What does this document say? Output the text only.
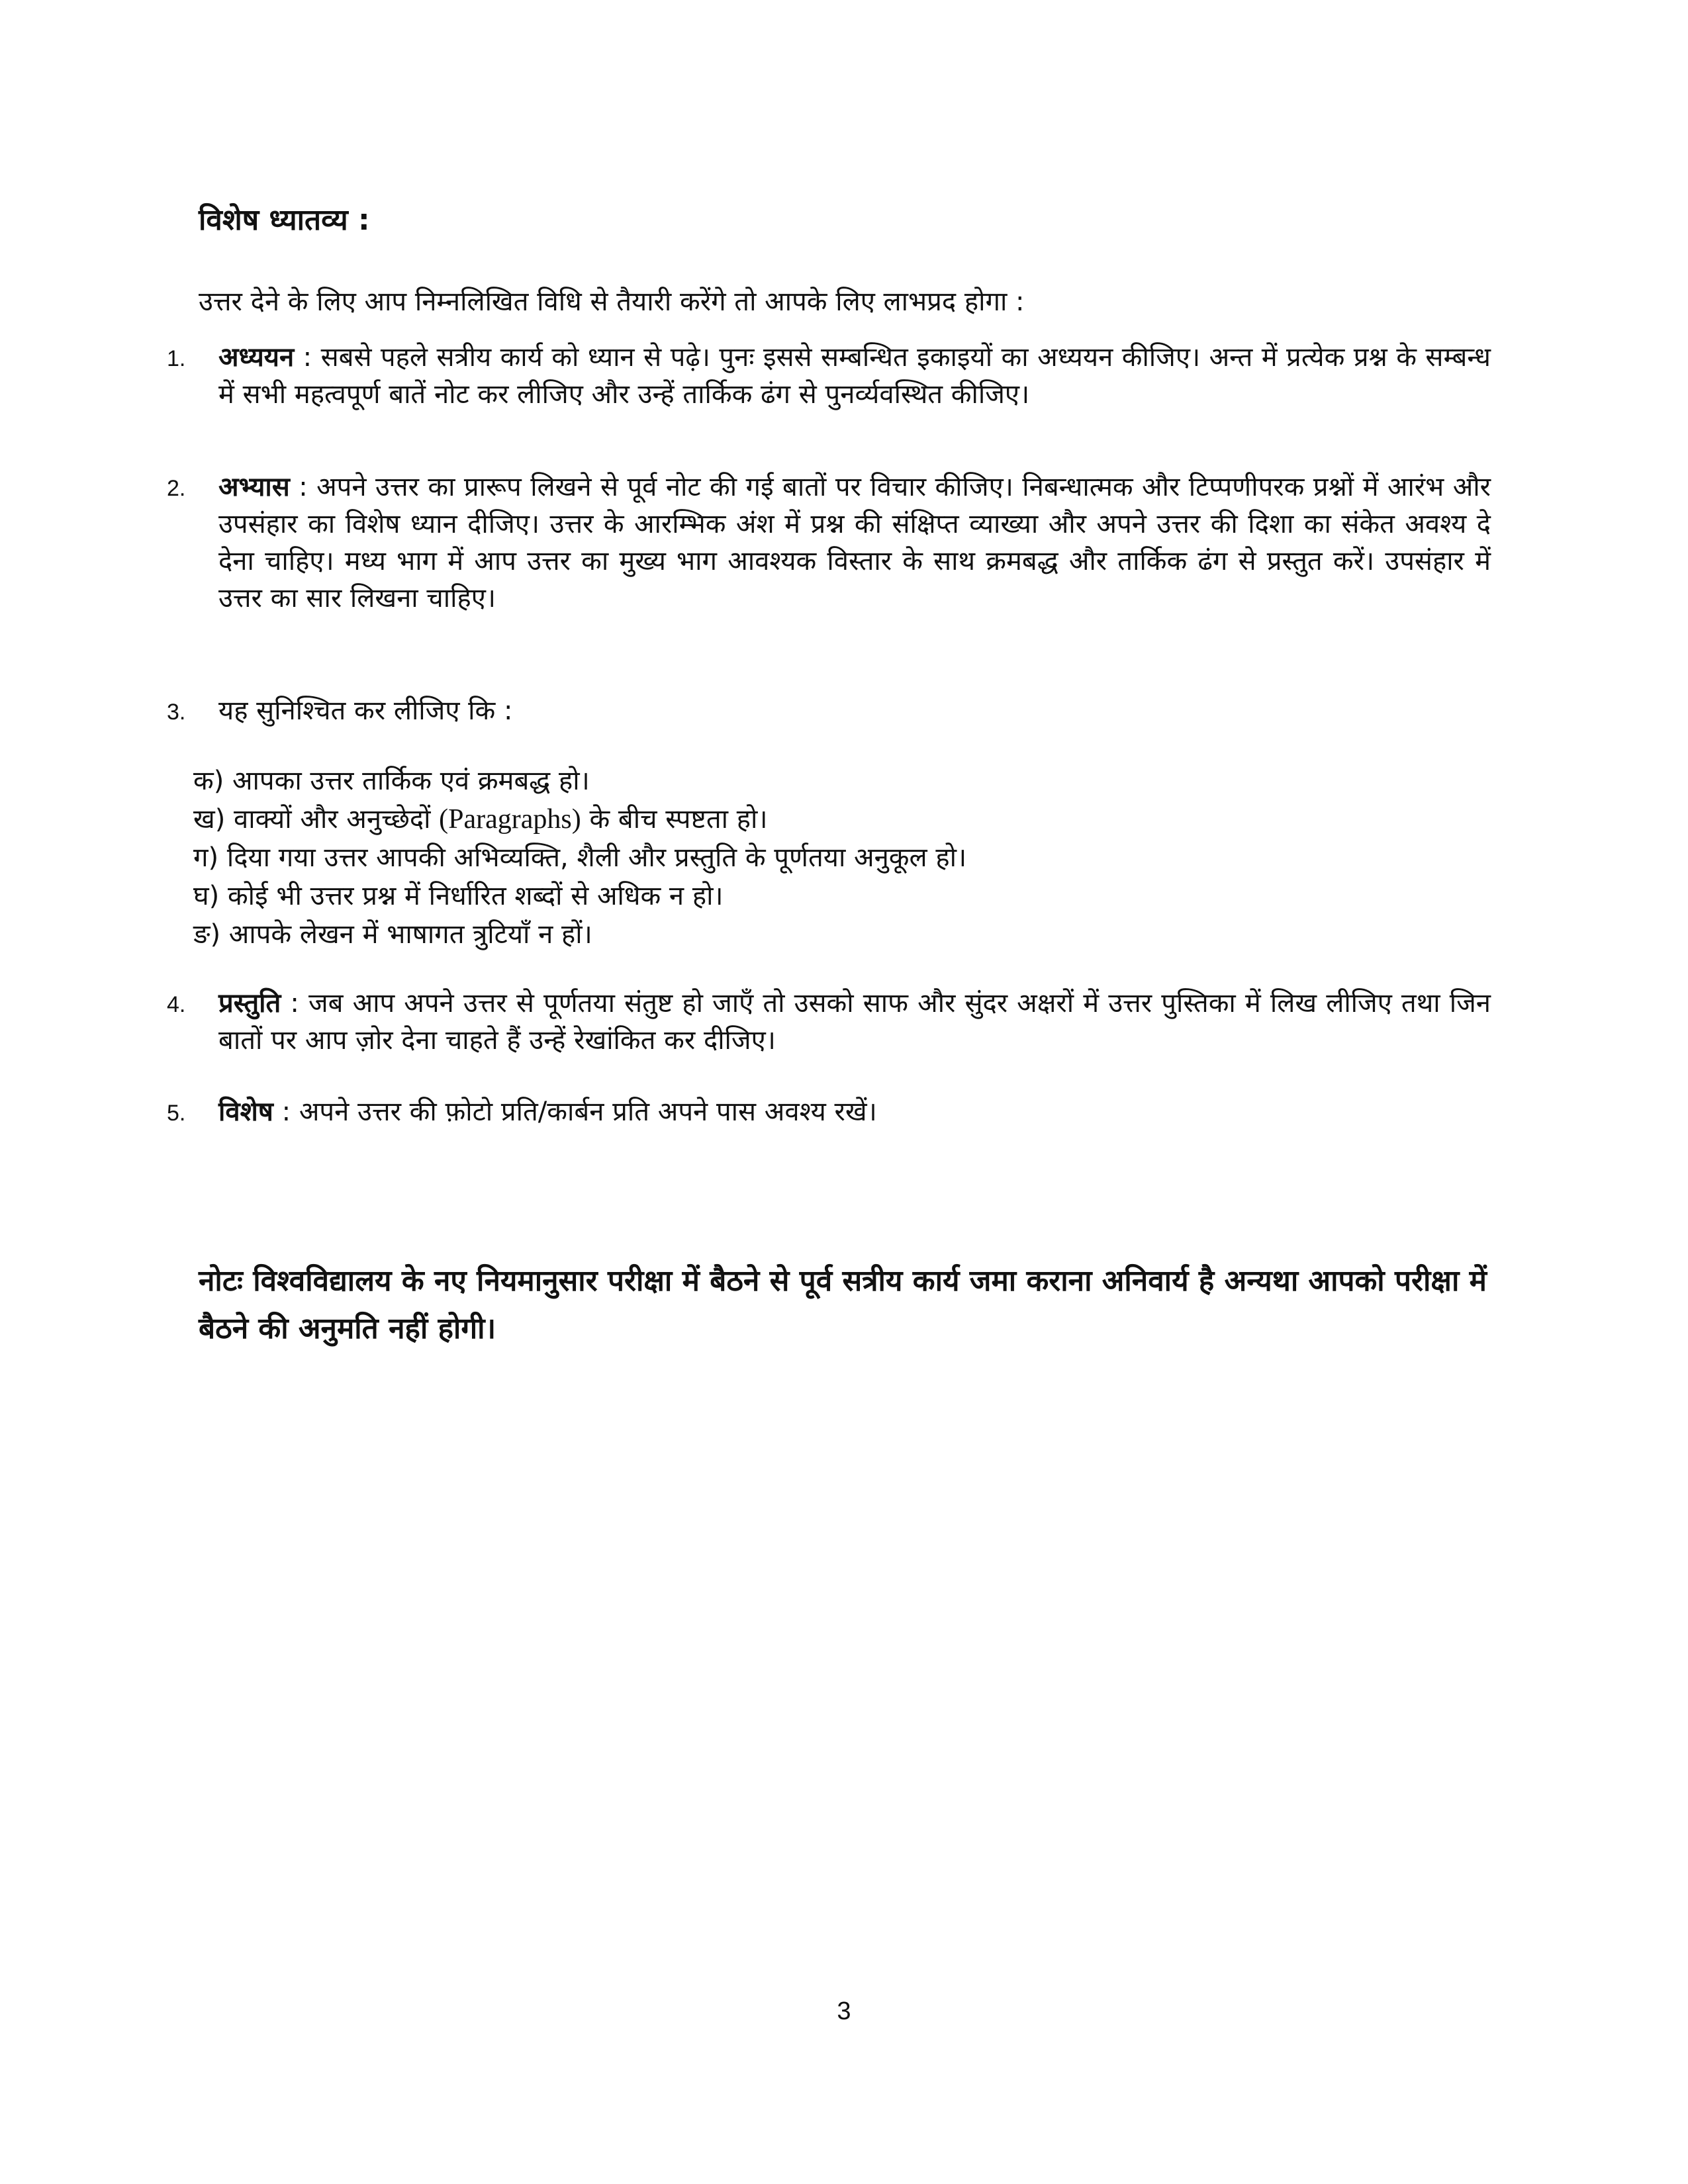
विशेष ध्यातव्य :
उत्तर देने के लिए आप निम्नलिखित विधि से तैयारी करेंगे तो आपके लिए लाभप्रद होगा :
1. अध्ययन : सबसे पहले सत्रीय कार्य को ध्यान से पढ़े। पुनः इससे सम्बन्धित इकाइयों का अध्ययन कीजिए। अन्त में प्रत्येक प्रश्न के सम्बन्ध में सभी महत्वपूर्ण बातें नोट कर लीजिए और उन्हें तार्किक ढंग से पुनर्व्यवस्थित कीजिए।
2. अभ्यास : अपने उत्तर का प्रारूप लिखने से पूर्व नोट की गई बातों पर विचार कीजिए। निबन्धात्मक और टिप्पणीपरक प्रश्नों में आरंभ और उपसंहार का विशेष ध्यान दीजिए। उत्तर के आरम्भिक अंश में प्रश्न की संक्षिप्त व्याख्या और अपने उत्तर की दिशा का संकेत अवश्य दे देना चाहिए। मध्य भाग में आप उत्तर का मुख्य भाग आवश्यक विस्तार के साथ क्रमबद्ध और तार्किक ढंग से प्रस्तुत करें। उपसंहार में उत्तर का सार लिखना चाहिए।
3. यह सुनिश्चित कर लीजिए कि :
क) आपका उत्तर तार्किक एवं क्रमबद्ध हो।
ख) वाक्यों और अनुच्छेदों (Paragraphs) के बीच स्पष्टता हो।
ग) दिया गया उत्तर आपकी अभिव्यक्ति, शैली और प्रस्तुति के पूर्णतया अनुकूल हो।
घ) कोई भी उत्तर प्रश्न में निर्धारित शब्दों से अधिक न हो।
ङ) आपके लेखन में भाषागत त्रुटियाँ न हों।
4. प्रस्तुति : जब आप अपने उत्तर से पूर्णतया संतुष्ट हो जाएँ तो उसको साफ और सुंदर अक्षरों में उत्तर पुस्तिका में लिख लीजिए तथा जिन बातों पर आप ज़ोर देना चाहते हैं उन्हें रेखांकित कर दीजिए।
5. विशेष : अपने उत्तर की फ़ोटो प्रति/कार्बन प्रति अपने पास अवश्य रखें।
नोटः विश्वविद्यालय के नए नियमानुसार परीक्षा में बैठने से पूर्व सत्रीय कार्य जमा कराना अनिवार्य है अन्यथा आपको परीक्षा में बैठने की अनुमति नहीं होगी।
3
